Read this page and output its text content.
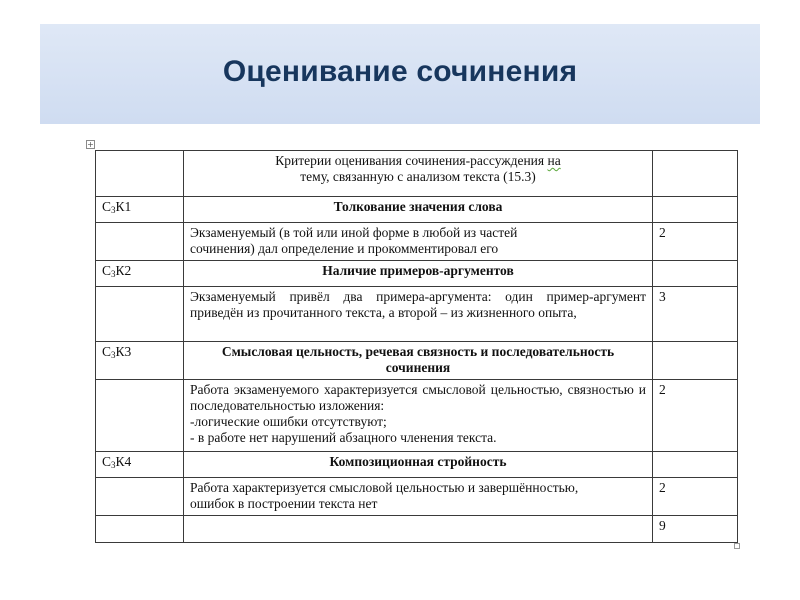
Оценивание сочинения
+
	Критерии оценивания сочинения-рассуждения на
тему, связанную с анализом текста (15.3)	
$С_3К1$	Толкование значения слова	

	Экзаменуемый (в той или иной форме в любой из частей
сочинения) дал определение и прокомментировал его	2
$С_3К2$	Наличие примеров-аргументов	
	Экзаменуемый привёл два примера-аргумента: один пример-аргумент приведён из прочитанного текста, а второй – из жизненного опыта,	3
$С_3К3$	Смысловая цельность, речевая связность и последовательность сочинения	

	Работа экзаменуемого характеризуется смысловой цельностью, связностью и последовательностью изложения:
-логические ошибки отсутствуют;
- в работе нет нарушений абзацного членения текста.	2
$С_3К4$	Композиционная стройность	

	Работа характеризуется смысловой цельностью и завершённостью,
ошибок в построении текста нет	2
		9
